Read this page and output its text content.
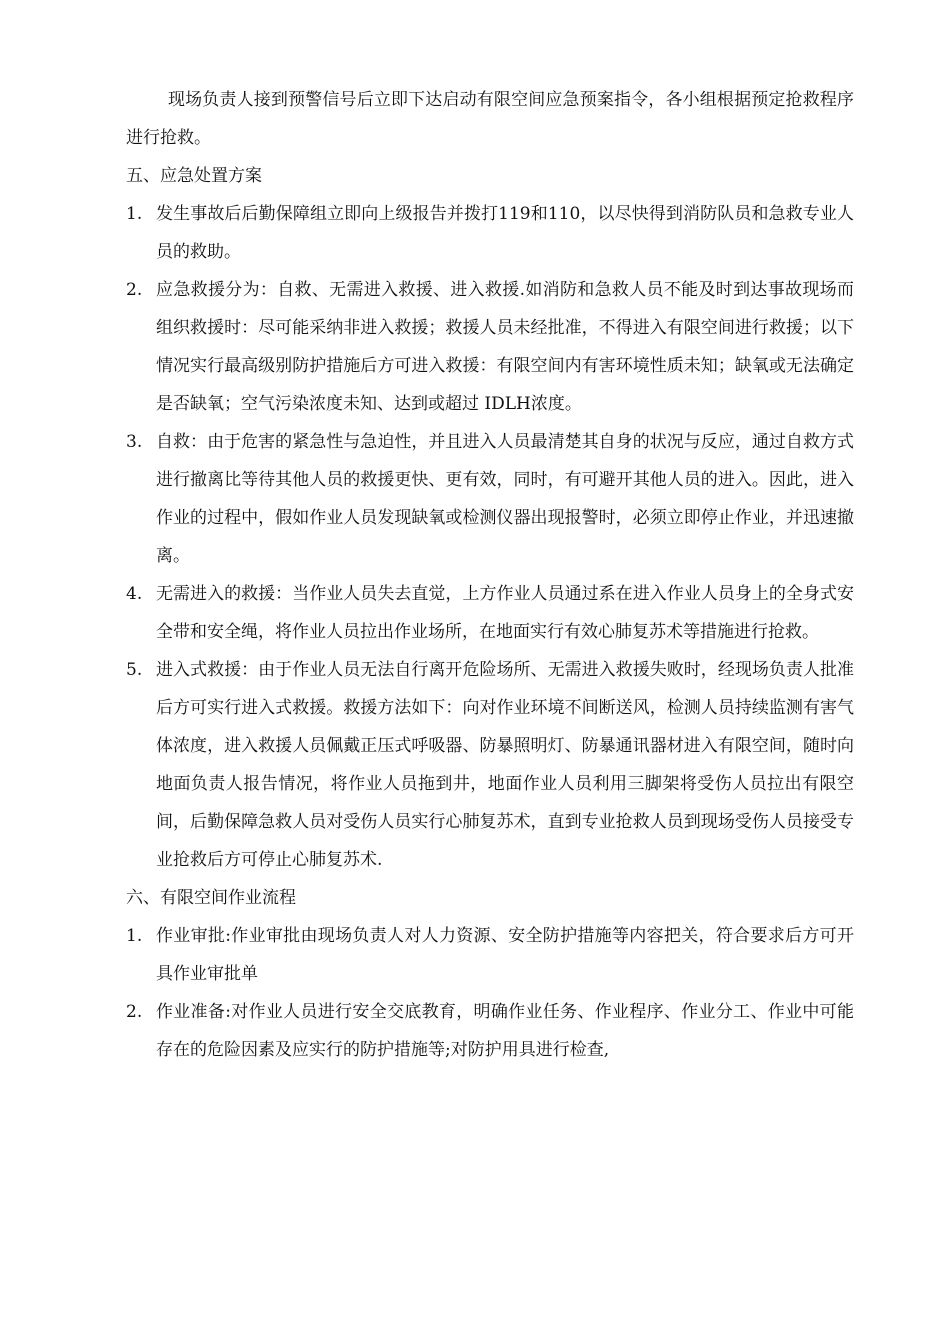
现场负责人接到预警信号后立即下达启动有限空间应急预案指令，各小组根据预定抢救程序进行抢救。

五、应急处置方案

1. 发生事故后后勤保障组立即向上级报告并拨打119和110，以尽快得到消防队员和急救专业人员的救助。
2. 应急救援分为：自救、无需进入救援、进入救援.如消防和急救人员不能及时到达事故现场而组织救援时：尽可能采纳非进入救援；救援人员未经批准，不得进入有限空间进行救援；以下情况实行最高级别防护措施后方可进入救援：有限空间内有害环境性质未知；缺氧或无法确定是否缺氧；空气污染浓度未知、达到或超过 IDLH浓度。
3. 自救：由于危害的紧急性与急迫性，并且进入人员最清楚其自身的状况与反应，通过自救方式进行撤离比等待其他人员的救援更快、更有效，同时，有可避开其他人员的进入。因此，进入作业的过程中，假如作业人员发现缺氧或检测仪器出现报警时，必须立即停止作业，并迅速撤离。
4. 无需进入的救援：当作业人员失去直觉，上方作业人员通过系在进入作业人员身上的全身式安全带和安全绳，将作业人员拉出作业场所，在地面实行有效心肺复苏术等措施进行抢救。
5. 进入式救援：由于作业人员无法自行离开危险场所、无需进入救援失败时，经现场负责人批准后方可实行进入式救援。救援方法如下：向对作业环境不间断送风，检测人员持续监测有害气体浓度，进入救援人员佩戴正压式呼吸器、防暴照明灯、防暴通讯器材进入有限空间，随时向地面负责人报告情况，将作业人员拖到井，地面作业人员利用三脚架将受伤人员拉出有限空间，后勤保障急救人员对受伤人员实行心肺复苏术，直到专业抢救人员到现场受伤人员接受专业抢救后方可停止心肺复苏术.

六、有限空间作业流程

1. 作业审批:作业审批由现场负责人对人力资源、安全防护措施等内容把关，符合要求后方可开具作业审批单
2. 作业准备:对作业人员进行安全交底教育，明确作业任务、作业程序、作业分工、作业中可能存在的危险因素及应实行的防护措施等;对防护用具进行检查,
